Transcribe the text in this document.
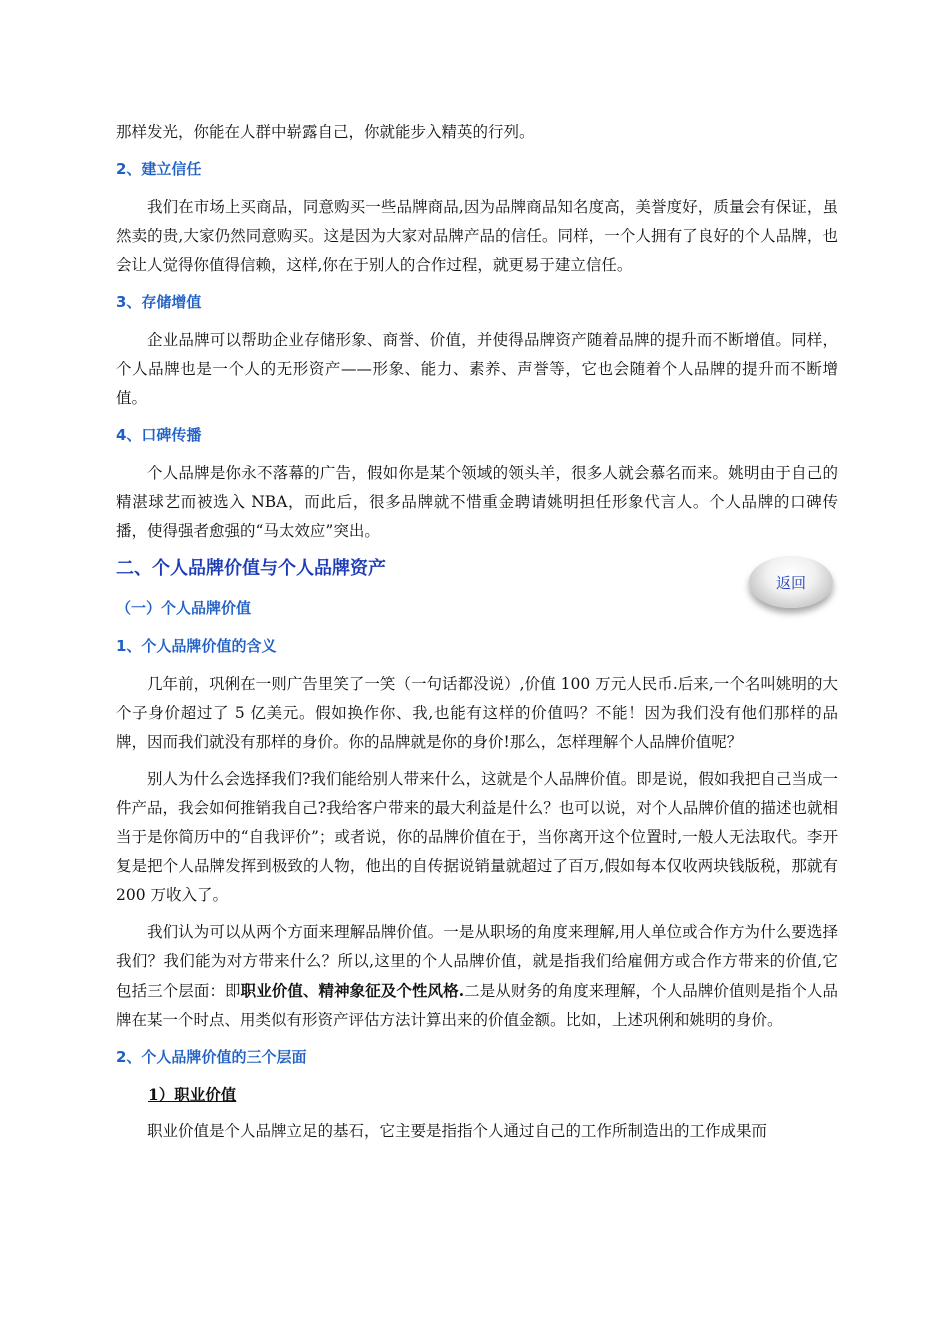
那样发光，你能在人群中崭露自己，你就能步入精英的行列。

2、建立信任

我们在市场上买商品，同意购买一些品牌商品,因为品牌商品知名度高，美誉度好，质量会有保证，虽然卖的贵,大家仍然同意购买。这是因为大家对品牌产品的信任。同样，一个人拥有了良好的个人品牌，也会让人觉得你值得信赖，这样,你在于别人的合作过程，就更易于建立信任。

3、存储增值

企业品牌可以帮助企业存储形象、商誉、价值，并使得品牌资产随着品牌的提升而不断增值。同样，个人品牌也是一个人的无形资产——形象、能力、素养、声誉等，它也会随着个人品牌的提升而不断增值。

4、口碑传播

个人品牌是你永不落幕的广告，假如你是某个领域的领头羊，很多人就会慕名而来。姚明由于自己的精湛球艺而被选入 NBA，而此后，很多品牌就不惜重金聘请姚明担任形象代言人。个人品牌的口碑传播，使得强者愈强的“马太效应”突出。

二、个人品牌价值与个人品牌资产

（一）个人品牌价值

1、个人品牌价值的含义

几年前，巩俐在一则广告里笑了一笑（一句话都没说）,价值 100 万元人民币.后来,一个名叫姚明的大个子身价超过了 5 亿美元。假如换作你、我,也能有这样的价值吗？不能！因为我们没有他们那样的品牌，因而我们就没有那样的身价。你的品牌就是你的身价!那么，怎样理解个人品牌价值呢？

别人为什么会选择我们?我们能给别人带来什么，这就是个人品牌价值。即是说，假如我把自己当成一件产品，我会如何推销我自己?我给客户带来的最大利益是什么？也可以说，对个人品牌价值的描述也就相当于是你简历中的“自我评价”；或者说，你的品牌价值在于，当你离开这个位置时,一般人无法取代。李开复是把个人品牌发挥到极致的人物，他出的自传据说销量就超过了百万,假如每本仅收两块钱版税，那就有 200 万收入了。

我们认为可以从两个方面来理解品牌价值。一是从职场的角度来理解,用人单位或合作方为什么要选择我们？我们能为对方带来什么？所以,这里的个人品牌价值，就是指我们给雇佣方或合作方带来的价值,它包括三个层面：即职业价值、精神象征及个性风格.二是从财务的角度来理解，个人品牌价值则是指个人品牌在某一个时点、用类似有形资产评估方法计算出来的价值金额。比如，上述巩俐和姚明的身价。

2、个人品牌价值的三个层面

1）职业价值

职业价值是个人品牌立足的基石，它主要是指指个人通过自己的工作所制造出的工作成果而

返回
